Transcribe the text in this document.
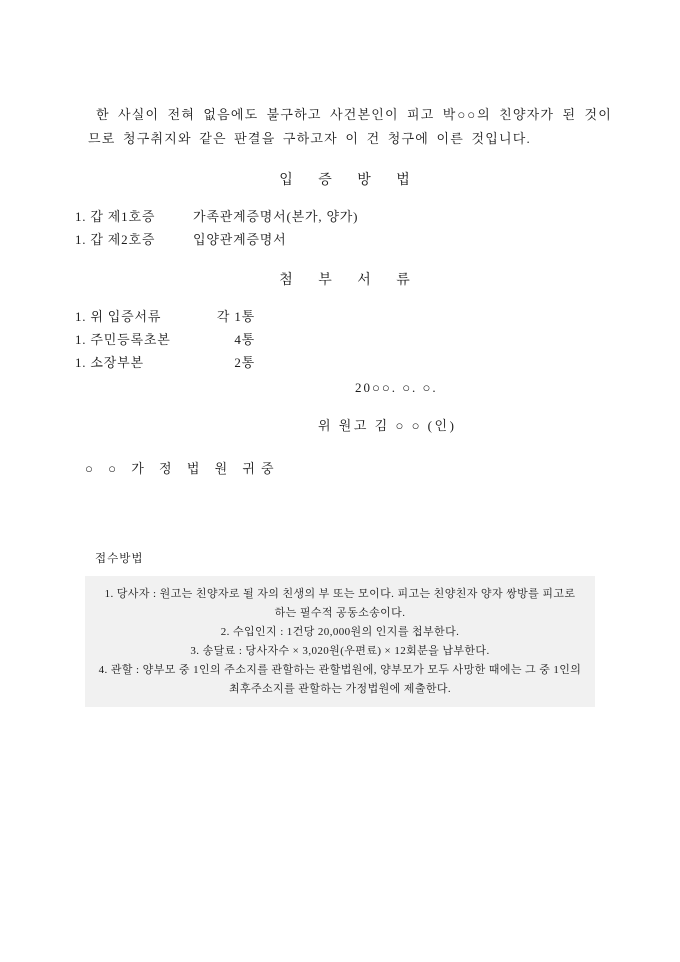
한 사실이 전혀 없음에도 불구하고 사건본인이 피고 박○○의 친양자가 된 것이므로 청구취지와 같은 판결을 구하고자 이 건 청구에 이른 것입니다.

입 증 방 법
1. 갑 제1호증	가족관계증명서(본가, 양가)
1. 갑 제2호증	입양관계증명서
첨 부 서 류
1. 위 입증서류	각 1통
1. 주민등록초본	4통
1. 소장부본	2통
20○○. ○. ○.
위 원고 김 ○ ○ (인)
○ ○ 가 정 법 원 귀중
접수방법
1. 당사자 : 원고는 친양자로 될 자의 친생의 부 또는 모이다. 피고는 친양친자 양자 쌍방를 피고로
하는 필수적 공동소송이다.
2. 수입인지 : 1건당 20,000원의 인지를 첩부한다.
3. 송달료 : 당사자수 × 3,020원(우편료) × 12회분을 납부한다.
4. 관할 : 양부모 중 1인의 주소지를 관할하는 관할법원에, 양부모가 모두 사망한 때에는 그 중 1인의
최후주소지를 관할하는 가정법원에 제출한다.
